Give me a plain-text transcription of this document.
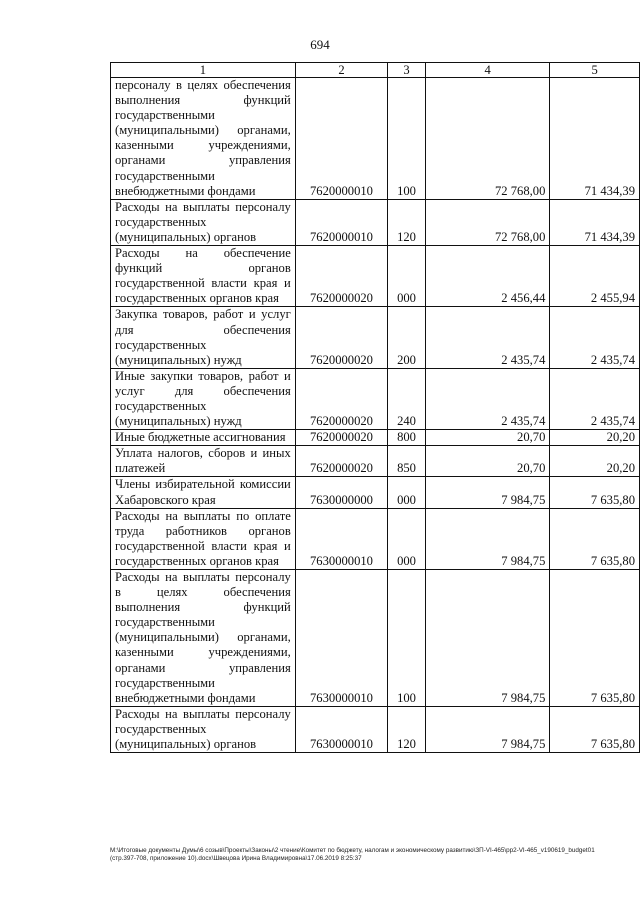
694
1	2	3	4	5
персоналу в целях обеспечения выполнения функций государственными (муниципальными) органами, казенными учреждениями, органами управления государственными внебюджетными фондами	7620000010	100	72 768,00	71 434,39
Расходы на выплаты персоналу государственных (муниципальных) органов	7620000010	120	72 768,00	71 434,39
Расходы на обеспечение функций органов государственной власти края и государственных органов края	7620000020	000	2 456,44	2 455,94
Закупка товаров, работ и услуг для обеспечения государственных (муниципальных) нужд	7620000020	200	2 435,74	2 435,74
Иные закупки товаров, работ и услуг для обеспечения государственных (муниципальных) нужд	7620000020	240	2 435,74	2 435,74
Иные бюджетные ассигнования	7620000020	800	20,70	20,20
Уплата налогов, сборов и иных платежей	7620000020	850	20,70	20,20
Члены избирательной комиссии Хабаровского края	7630000000	000	7 984,75	7 635,80
Расходы на выплаты по оплате труда работников органов государственной власти края и государственных органов края	7630000010	000	7 984,75	7 635,80
Расходы на выплаты персоналу в целях обеспечения выполнения функций государственными (муниципальными) органами, казенными учреждениями, органами управления государственными внебюджетными фондами	7630000010	100	7 984,75	7 635,80
Расходы на выплаты персоналу государственных (муниципальных) органов	7630000010	120	7 984,75	7 635,80
M:\Итоговые документы Думы\6 созыв\Проекты\Законы\2 чтение\Комитет по бюджету, налогам и экономическому развитию\ЗП-VI-465\рр2-VI-465_v190619_budget01 (стр.397-708, приложение 10).docx\Швецова Ирина Владимировна\17.06.2019 8:25:37
